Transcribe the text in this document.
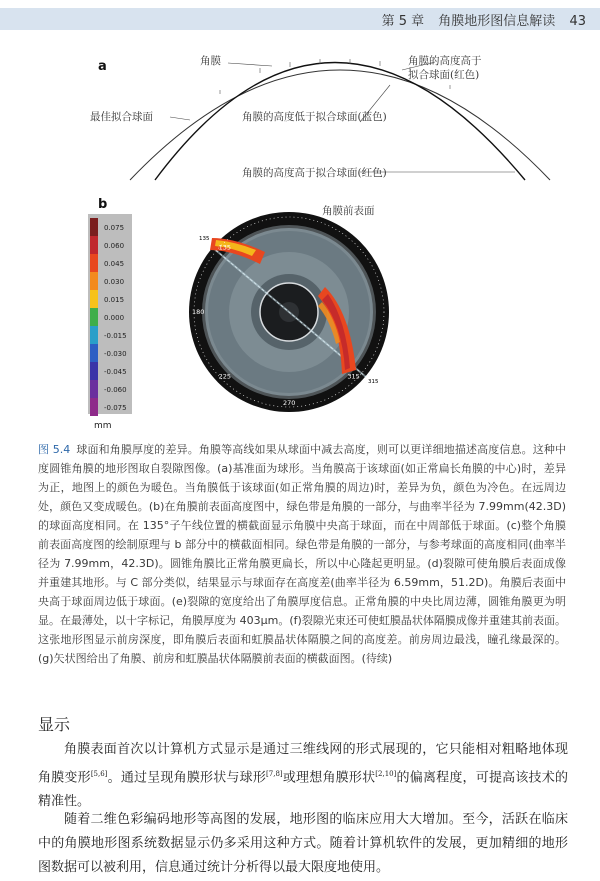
第 5 章 角膜地形图信息解读 43
a	角膜	角膜的高度高于
拟合球面(红色)
最佳拟合球面	角膜的高度低于拟合球面(蓝色)
角膜的高度高于拟合球面(红色)
b
0.075
0.060
0.045
0.030
0.015
0.000
-0.015
-0.030
-0.045
-0.060
-0.075
mm
135
180
225
270
315
135
315
角膜前表面
图 5.4 球面和角膜厚度的差异。角膜等高线如果从球面中减去高度，则可以更详细地描述高度信息。这种中度圆锥角膜的地形图取自裂隙图像。(a)基准面为球形。当角膜高于该球面(如正常扁长角膜的中心)时，差异为正，地图上的颜色为暖色。当角膜低于该球面(如正常角膜的周边)时，差异为负，颜色为冷色。在远周边处，颜色又变成暖色。(b)在角膜前表面高度图中，绿色带是角膜的一部分，与曲率半径为 7.99mm(42.3D)的球面高度相同。在 135°子午线位置的横截面显示角膜中央高于球面，而在中周部低于球面。(c)整个角膜前表面高度图的绘制原理与 b 部分中的横截面相同。绿色带是角膜的一部分，与参考球面的高度相同(曲率半径为 7.99mm，42.3D)。圆锥角膜比正常角膜更扁长，所以中心隆起更明显。(d)裂隙可使角膜后表面成像并重建其地形。与 C 部分类似，结果显示与球面存在高度差(曲率半径为 6.59mm，51.2D)。角膜后表面中央高于球面周边低于球面。(e)裂隙的宽度给出了角膜厚度信息。正常角膜的中央比周边薄，圆锥角膜更为明显。在最薄处，以十字标记，角膜厚度为 403μm。(f)裂隙光束还可使虹膜晶状体隔膜成像并重建其前表面。这张地形图显示前房深度，即角膜后表面和虹膜晶状体隔膜之间的高度差。前房周边最浅，瞳孔缘最深的。(g)矢状图给出了角膜、前房和虹膜晶状体隔膜前表面的横截面图。(待续)
显示
角膜表面首次以计算机方式显示是通过三维线网的形式展现的，它只能相对粗略地体现角膜变形[5,6]。通过呈现角膜形状与球形[7,8]或理想角膜形状[2,10]的偏离程度，可提高该技术的精准性。
随着二维色彩编码地形等高图的发展，地形图的临床应用大大增加。至今，活跃在临床中的角膜地形图系统数据显示仍多采用这种方式。随着计算机软件的发展，更加精细的地形图数据可以被利用，信息通过统计分析得以最大限度地使用。
